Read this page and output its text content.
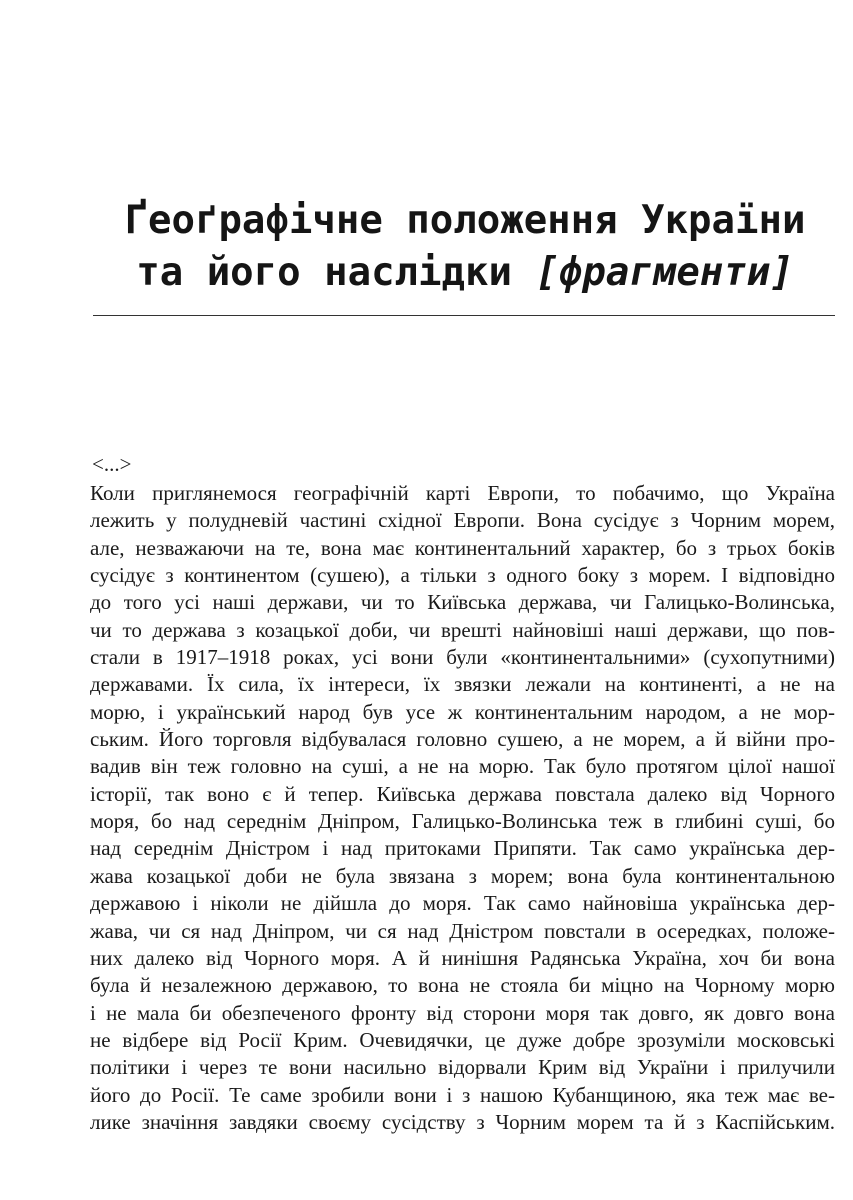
Ґеоґрафічне положення України
та його наслідки [фрагменти]
<...>
Коли приглянемося географічній карті Европи, то побачимо, що Україна
лежить у полудневій частині східної Европи. Вона сусідує з Чорним морем,
але, незважаючи на те, вона має континентальний характер, бо з трьох боків
сусідує з континентом (сушею), а тільки з одного боку з морем. І відповідно
до того усі наші держави, чи то Київська держава, чи Галицько-Волинська,
чи то держава з козацької доби, чи врешті найновіші наші держави, що пов-
стали в 1917–1918 роках, усі вони були «континентальними» (сухопутними)
державами. Їх сила, їх інтереси, їх звязки лежали на континенті, а не на
морю, і український народ був усе ж континентальним народом, а не мор-
ським. Його торговля відбувалася головно сушею, а не морем, а й війни про-
вадив він теж головно на суші, а не на морю. Так було протягом цілої нашої
історії, так воно є й тепер. Київська держава повстала далеко від Чорного
моря, бо над середнім Дніпром, Галицько-Волинська теж в глибині суші, бо
над середнім Дністром і над притоками Припяти. Так само українська дер-
жава козацької доби не була звязана з морем; вона була континентальною
державою і ніколи не дійшла до моря. Так само найновіша українська дер-
жава, чи ся над Дніпром, чи ся над Дністром повстали в осередках, положе-
них далеко від Чорного моря. А й нинішня Радянська Україна, хоч би вона
була й незалежною державою, то вона не стояла би міцно на Чорному морю
і не мала би обезпеченого фронту від сторони моря так довго, як довго вона
не відбере від Росії Крим. Очевидячки, це дуже добре зрозуміли московські
політики і через те вони насильно відорвали Крим від України і прилучили
його до Росії. Те саме зробили вони і з нашою Кубанщиною, яка теж має ве-
лике значіння завдяки своєму сусідству з Чорним морем та й з Каспійським.
